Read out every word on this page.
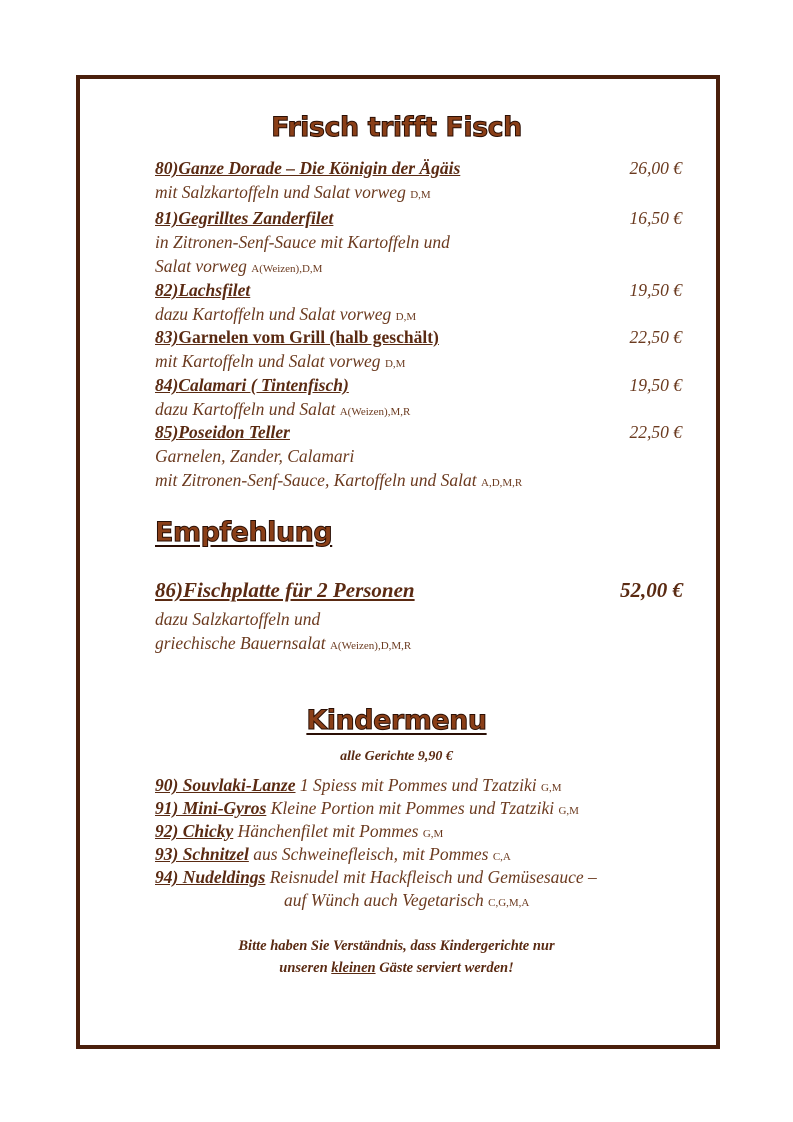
Frisch trifft Fisch
80)Ganze Dorade – Die Königin der Ägäis	26,00 €
mit Salzkartoffeln und Salat vorweg D,M
81)Gegrilltes Zanderfilet	16,50 €
in Zitronen-Senf-Sauce mit Kartoffeln und
Salat vorweg A(Weizen),D,M
82)Lachsfilet	19,50 €
dazu Kartoffeln und Salat vorweg D,M
83)Garnelen vom Grill (halb geschält)	22,50 €
mit Kartoffeln und Salat vorweg D,M
84)Calamari ( Tintenfisch)	19,50 €
dazu Kartoffeln und Salat A(Weizen),M,R
85)Poseidon Teller	22,50 €
Garnelen, Zander, Calamari
mit Zitronen-Senf-Sauce, Kartoffeln und Salat A,D,M,R
Empfehlung
86)Fischplatte für 2 Personen	52,00 €
dazu Salzkartoffeln und
griechische Bauernsalat A(Weizen),D,M,R
Kindermenu
alle Gerichte 9,90 €
90) Souvlaki-Lanze 1 Spiess mit Pommes und Tzatziki G,M
91) Mini-Gyros Kleine Portion mit Pommes und Tzatziki G,M
92) Chicky Hänchenfilet mit Pommes G,M
93) Schnitzel aus Schweinefleisch, mit Pommes C,A
94) Nudeldings Reisnudel mit Hackfleisch und Gemüsesauce –
auf Wünch auch Vegetarisch C,G,M,A
Bitte haben Sie Verständnis, dass Kindergerichte nur
unseren kleinen Gäste serviert werden!
